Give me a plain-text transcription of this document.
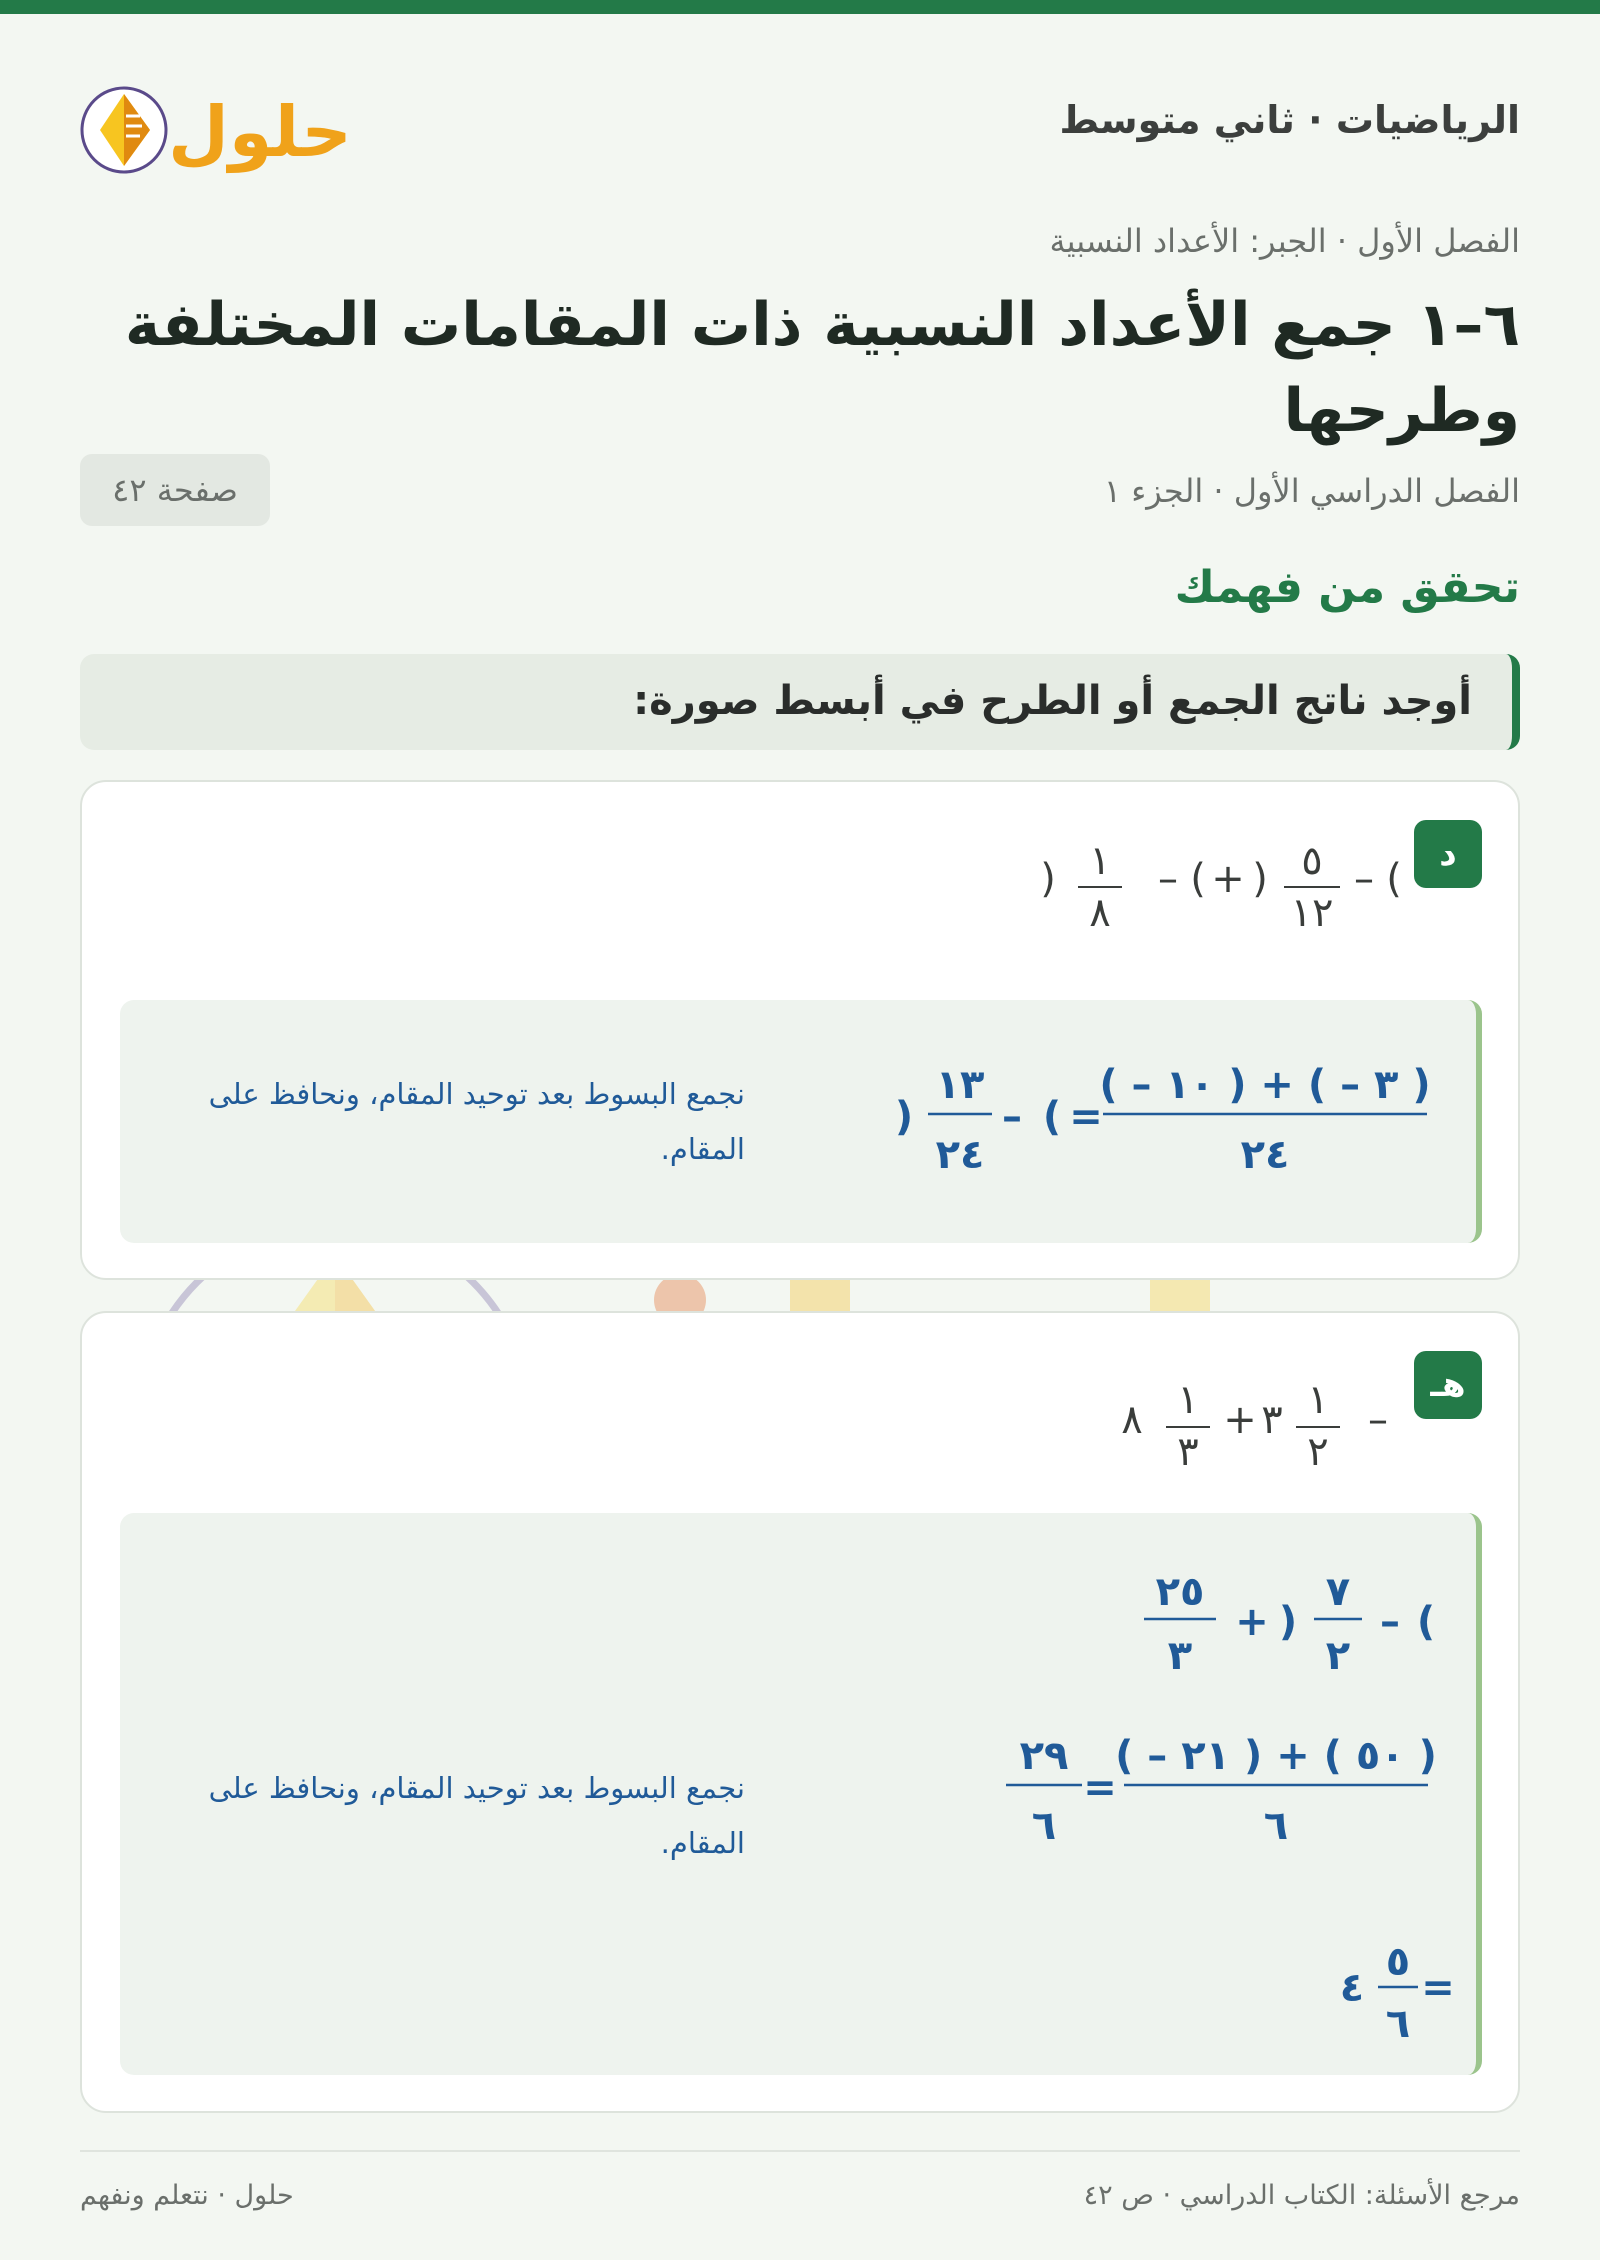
حلول	الرياضيات · ثاني متوسط
الفصل الأول · الجبر: الأعداد النسبية
٦–١ جمع الأعداد النسبية ذات المقامات المختلفة وطرحها
الفصل الدراسي الأول · الجزء ١
صفحة ٤٢
تحقق من فهمك
أوجد ناتج الجمع أو الطرح في أبسط صورة:
د
(
–
٥
١٢
)
+
(
–
١
٨
)
( – ١٠ ) + ( – ٣ )
٢٤
=
(
–
١٣
٢٤
)
نجمع البسوط بعد توحيد المقام، ونحافظ على المقام.
هـ
–
١
٢
٣
+
١
٣
٨
(
–
٧
٢
)
+
٢٥
٣
( – ٢١ ) + ( ٥٠ )
٦
=
٢٩
٦
=
٥
٦
٤
نجمع البسوط بعد توحيد المقام، ونحافظ على المقام.
حلول · نتعلم ونفهم	مرجع الأسئلة: الكتاب الدراسي · ص ٤٢
